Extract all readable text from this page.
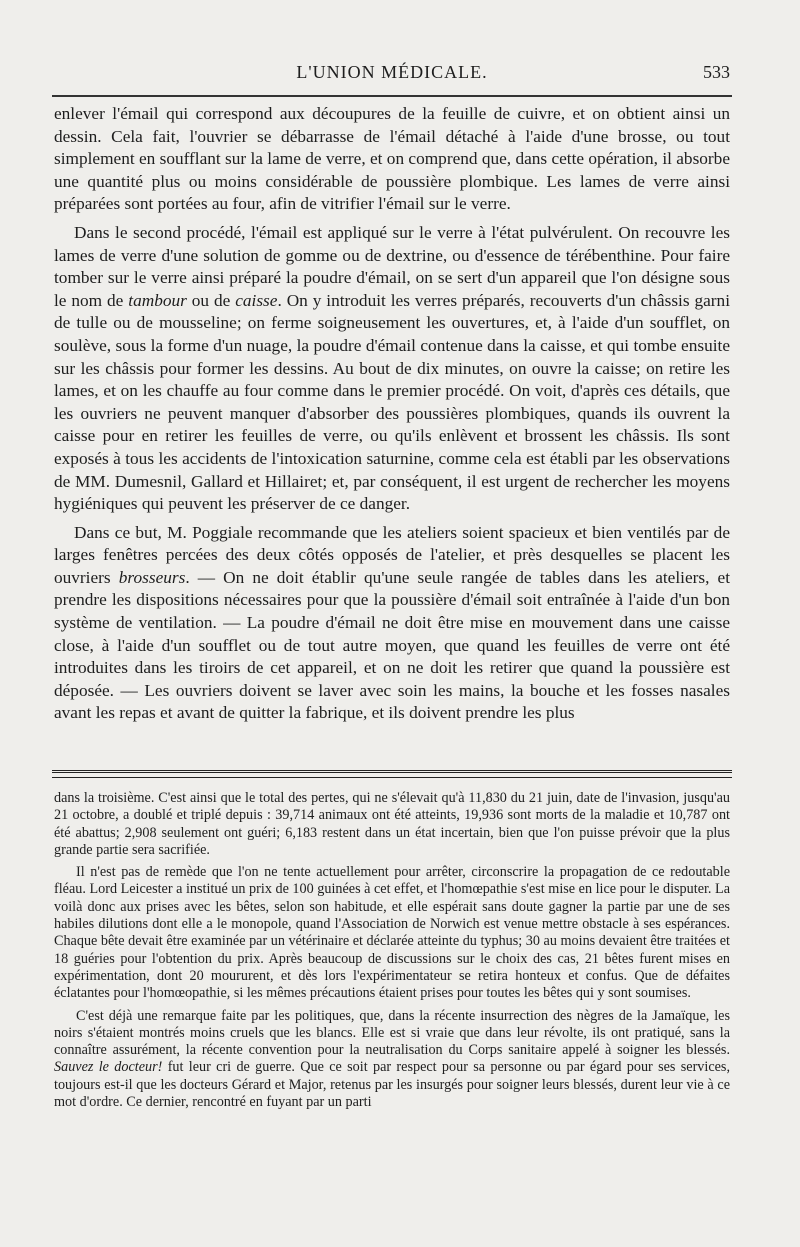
L'UNION MÉDICALE.	533

enlever l'émail qui correspond aux découpures de la feuille de cuivre, et on obtient ainsi un dessin. Cela fait, l'ouvrier se débarrasse de l'émail détaché à l'aide d'une brosse, ou tout simplement en soufflant sur la lame de verre, et on comprend que, dans cette opération, il absorbe une quantité plus ou moins considérable de poussière plombique. Les lames de verre ainsi préparées sont portées au four, afin de vitrifier l'émail sur le verre.

Dans le second procédé, l'émail est appliqué sur le verre à l'état pulvérulent. On recouvre les lames de verre d'une solution de gomme ou de dextrine, ou d'essence de térébenthine. Pour faire tomber sur le verre ainsi préparé la poudre d'émail, on se sert d'un appareil que l'on désigne sous le nom de tambour ou de caisse. On y introduit les verres préparés, recouverts d'un châssis garni de tulle ou de mousseline; on ferme soigneusement les ouvertures, et, à l'aide d'un soufflet, on soulève, sous la forme d'un nuage, la poudre d'émail contenue dans la caisse, et qui tombe ensuite sur les châssis pour former les dessins. Au bout de dix minutes, on ouvre la caisse; on retire les lames, et on les chauffe au four comme dans le premier procédé. On voit, d'après ces détails, que les ouvriers ne peuvent manquer d'absorber des poussières plombiques, quands ils ouvrent la caisse pour en retirer les feuilles de verre, ou qu'ils enlèvent et brossent les châssis. Ils sont exposés à tous les accidents de l'intoxication saturnine, comme cela est établi par les observations de MM. Dumesnil, Gallard et Hillairet; et, par conséquent, il est urgent de rechercher les moyens hygiéniques qui peuvent les préserver de ce danger.

Dans ce but, M. Poggiale recommande que les ateliers soient spacieux et bien ventilés par de larges fenêtres percées des deux côtés opposés de l'atelier, et près desquelles se placent les ouvriers brosseurs. — On ne doit établir qu'une seule rangée de tables dans les ateliers, et prendre les dispositions nécessaires pour que la poussière d'émail soit entraînée à l'aide d'un bon système de ventilation. — La poudre d'émail ne doit être mise en mouvement dans une caisse close, à l'aide d'un soufflet ou de tout autre moyen, que quand les feuilles de verre ont été introduites dans les tiroirs de cet appareil, et on ne doit les retirer que quand la poussière est déposée. — Les ouvriers doivent se laver avec soin les mains, la bouche et les fosses nasales avant les repas et avant de quitter la fabrique, et ils doivent prendre les plus

dans la troisième. C'est ainsi que le total des pertes, qui ne s'élevait qu'à 11,830 du 21 juin, date de l'invasion, jusqu'au 21 octobre, a doublé et triplé depuis : 39,714 animaux ont été atteints, 19,936 sont morts de la maladie et 10,787 ont été abattus; 2,908 seulement ont guéri; 6,183 restent dans un état incertain, bien que l'on puisse prévoir que la plus grande partie sera sacrifiée.

Il n'est pas de remède que l'on ne tente actuellement pour arrêter, circonscrire la propagation de ce redoutable fléau. Lord Leicester a institué un prix de 100 guinées à cet effet, et l'homœpathie s'est mise en lice pour le disputer. La voilà donc aux prises avec les bêtes, selon son habitude, et elle espérait sans doute gagner la partie par une de ses habiles dilutions dont elle a le monopole, quand l'Association de Norwich est venue mettre obstacle à ses espérances. Chaque bête devait être examinée par un vétérinaire et déclarée atteinte du typhus; 30 au moins devaient être traitées et 18 guéries pour l'obtention du prix. Après beaucoup de discussions sur le choix des cas, 21 bêtes furent mises en expérimentation, dont 20 moururent, et dès lors l'expérimentateur se retira honteux et confus. Que de défaites éclatantes pour l'homœopathie, si les mêmes précautions étaient prises pour toutes les bêtes qui y sont soumises.

C'est déjà une remarque faite par les politiques, que, dans la récente insurrection des nègres de la Jamaïque, les noirs s'étaient montrés moins cruels que les blancs. Elle est si vraie que dans leur révolte, ils ont pratiqué, sans la connaître assurément, la récente convention pour la neutralisation du Corps sanitaire appelé à soigner les blessés. Sauvez le docteur! fut leur cri de guerre. Que ce soit par respect pour sa personne ou par égard pour ses services, toujours est-il que les docteurs Gérard et Major, retenus par les insurgés pour soigner leurs blessés, durent leur vie à ce mot d'ordre. Ce dernier, rencontré en fuyant par un parti
